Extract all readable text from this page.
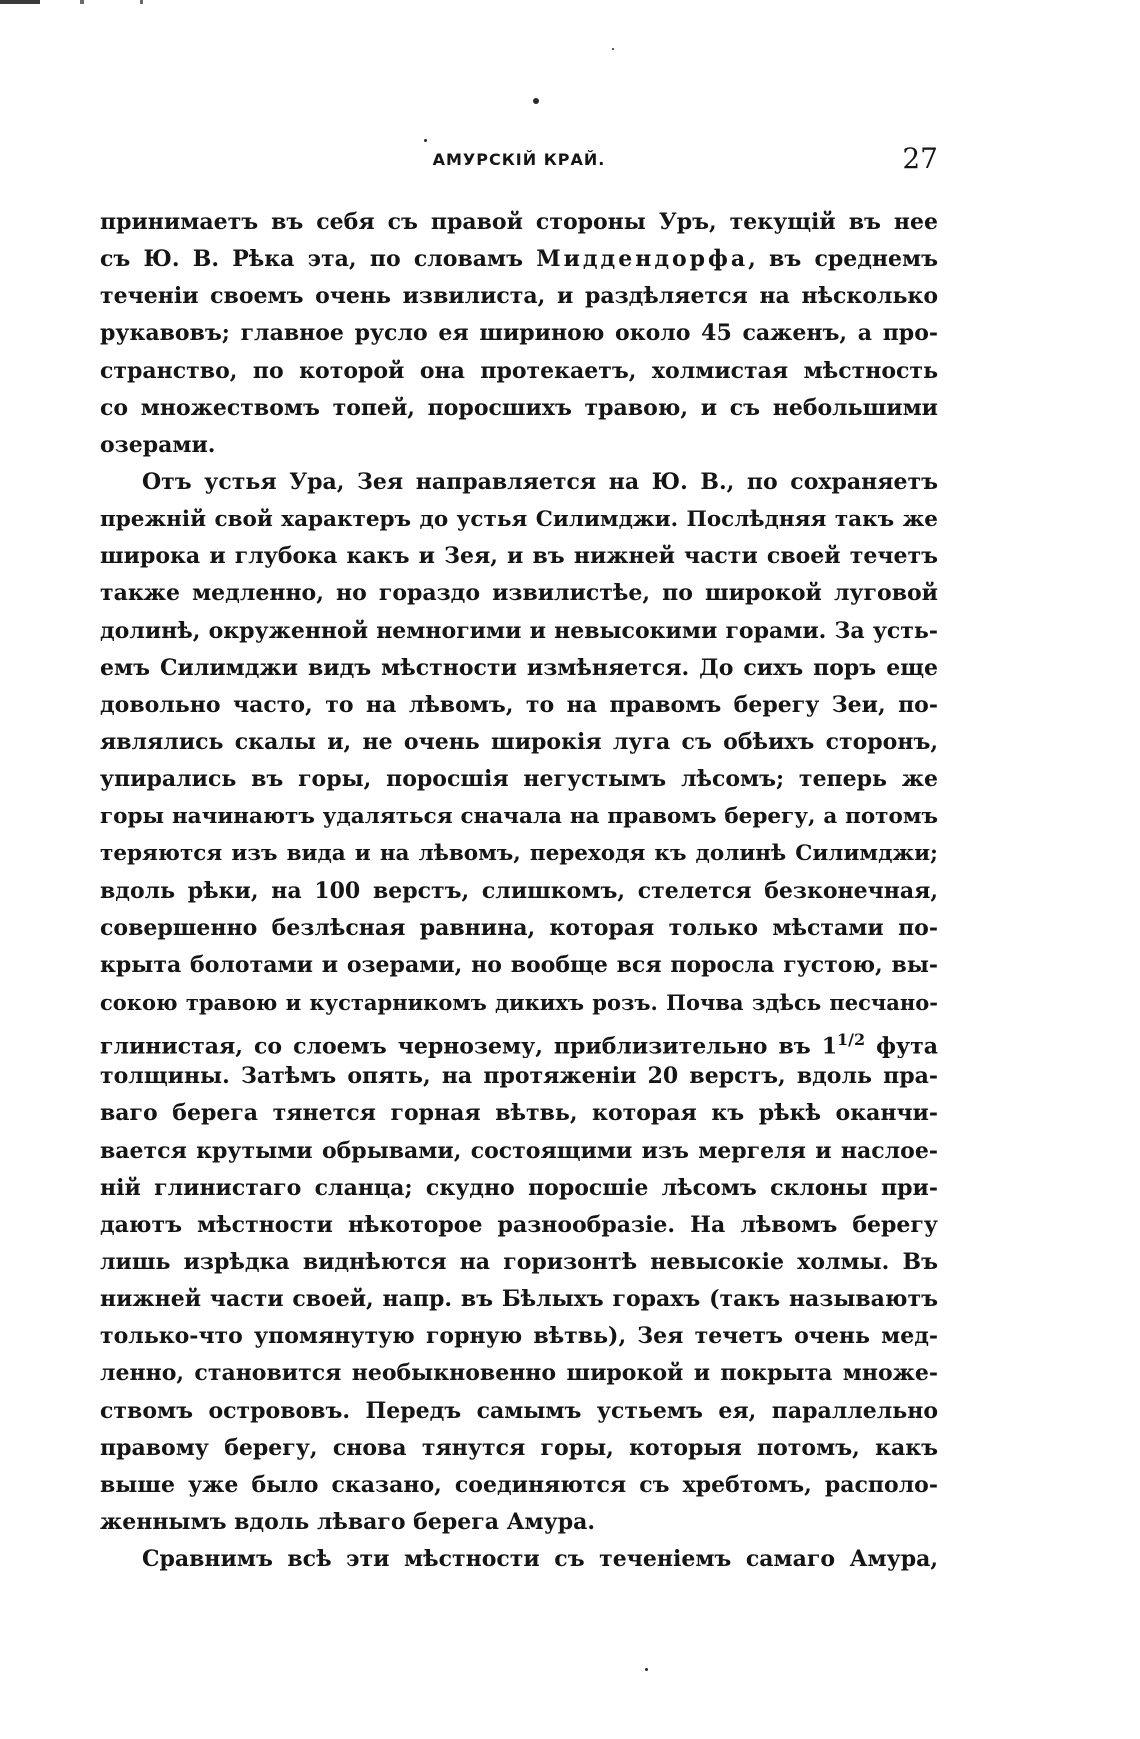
АМУРСКІЙ КРАЙ.	27
принимаетъ въ себя съ правой стороны Уръ, текущій въ нее
съ Ю. В. Рѣка эта, по словамъ Миддендорфа, въ среднемъ
теченіи своемъ очень извилиста, и раздѣляется на нѣсколько
рукавовъ; главное русло ея шириною около 45 саженъ, а про-
странство, по которой она протекаетъ, холмистая мѣстность
со множествомъ топей, поросшихъ травою, и съ небольшими
озерами.
Отъ устья Ура, Зея направляется на Ю. В., по сохраняетъ
прежній свой характеръ до устья Силимджи. Послѣдняя такъ же
широка и глубока какъ и Зея, и въ нижней части своей течетъ
также медленно, но гораздо извилистѣе, по широкой луговой
долинѣ, окруженной немногими и невысокими горами. За усть-
емъ Силимджи видъ мѣстности измѣняется. До сихъ поръ еще
довольно часто, то на лѣвомъ, то на правомъ берегу Зеи, по-
являлись скалы и, не очень широкія луга съ обѣихъ сторонъ,
упирались въ горы, поросшія негустымъ лѣсомъ; теперь же
горы начинаютъ удаляться сначала на правомъ берегу, а потомъ
теряются изъ вида и на лѣвомъ, переходя къ долинѣ Силимджи;
вдоль рѣки, на 100 верстъ, слишкомъ, стелется безконечная,
совершенно безлѣсная равнина, которая только мѣстами по-
крыта болотами и озерами, но вообще вся поросла густою, вы-
сокою травою и кустарникомъ дикихъ розъ. Почва здѣсь песчано-
глинистая, со слоемъ чернозему, приблизительно въ $1^{1/2}$ фута
толщины. Затѣмъ опять, на протяженіи 20 верстъ, вдоль пра-
ваго берега тянется горная вѣтвь, которая къ рѣкѣ оканчи-
вается крутыми обрывами, состоящими изъ мергеля и наслое-
ній глинистаго сланца; скудно поросшіе лѣсомъ склоны при-
даютъ мѣстности нѣкоторое разнообразіе. На лѣвомъ берегу
лишь изрѣдка виднѣются на горизонтѣ невысокіе холмы. Въ
нижней части своей, напр. въ Бѣлыхъ горахъ (такъ называютъ
только-что упомянутую горную вѣтвь), Зея течетъ очень мед-
ленно, становится необыкновенно широкой и покрыта множе-
ствомъ острововъ. Передъ самымъ устьемъ ея, параллельно
правому берегу, снова тянутся горы, которыя потомъ, какъ
выше уже было сказано, соединяются съ хребтомъ, располо-
женнымъ вдоль лѣваго берега Амура.
Сравнимъ всѣ эти мѣстности съ теченіемъ самаго Амура,
